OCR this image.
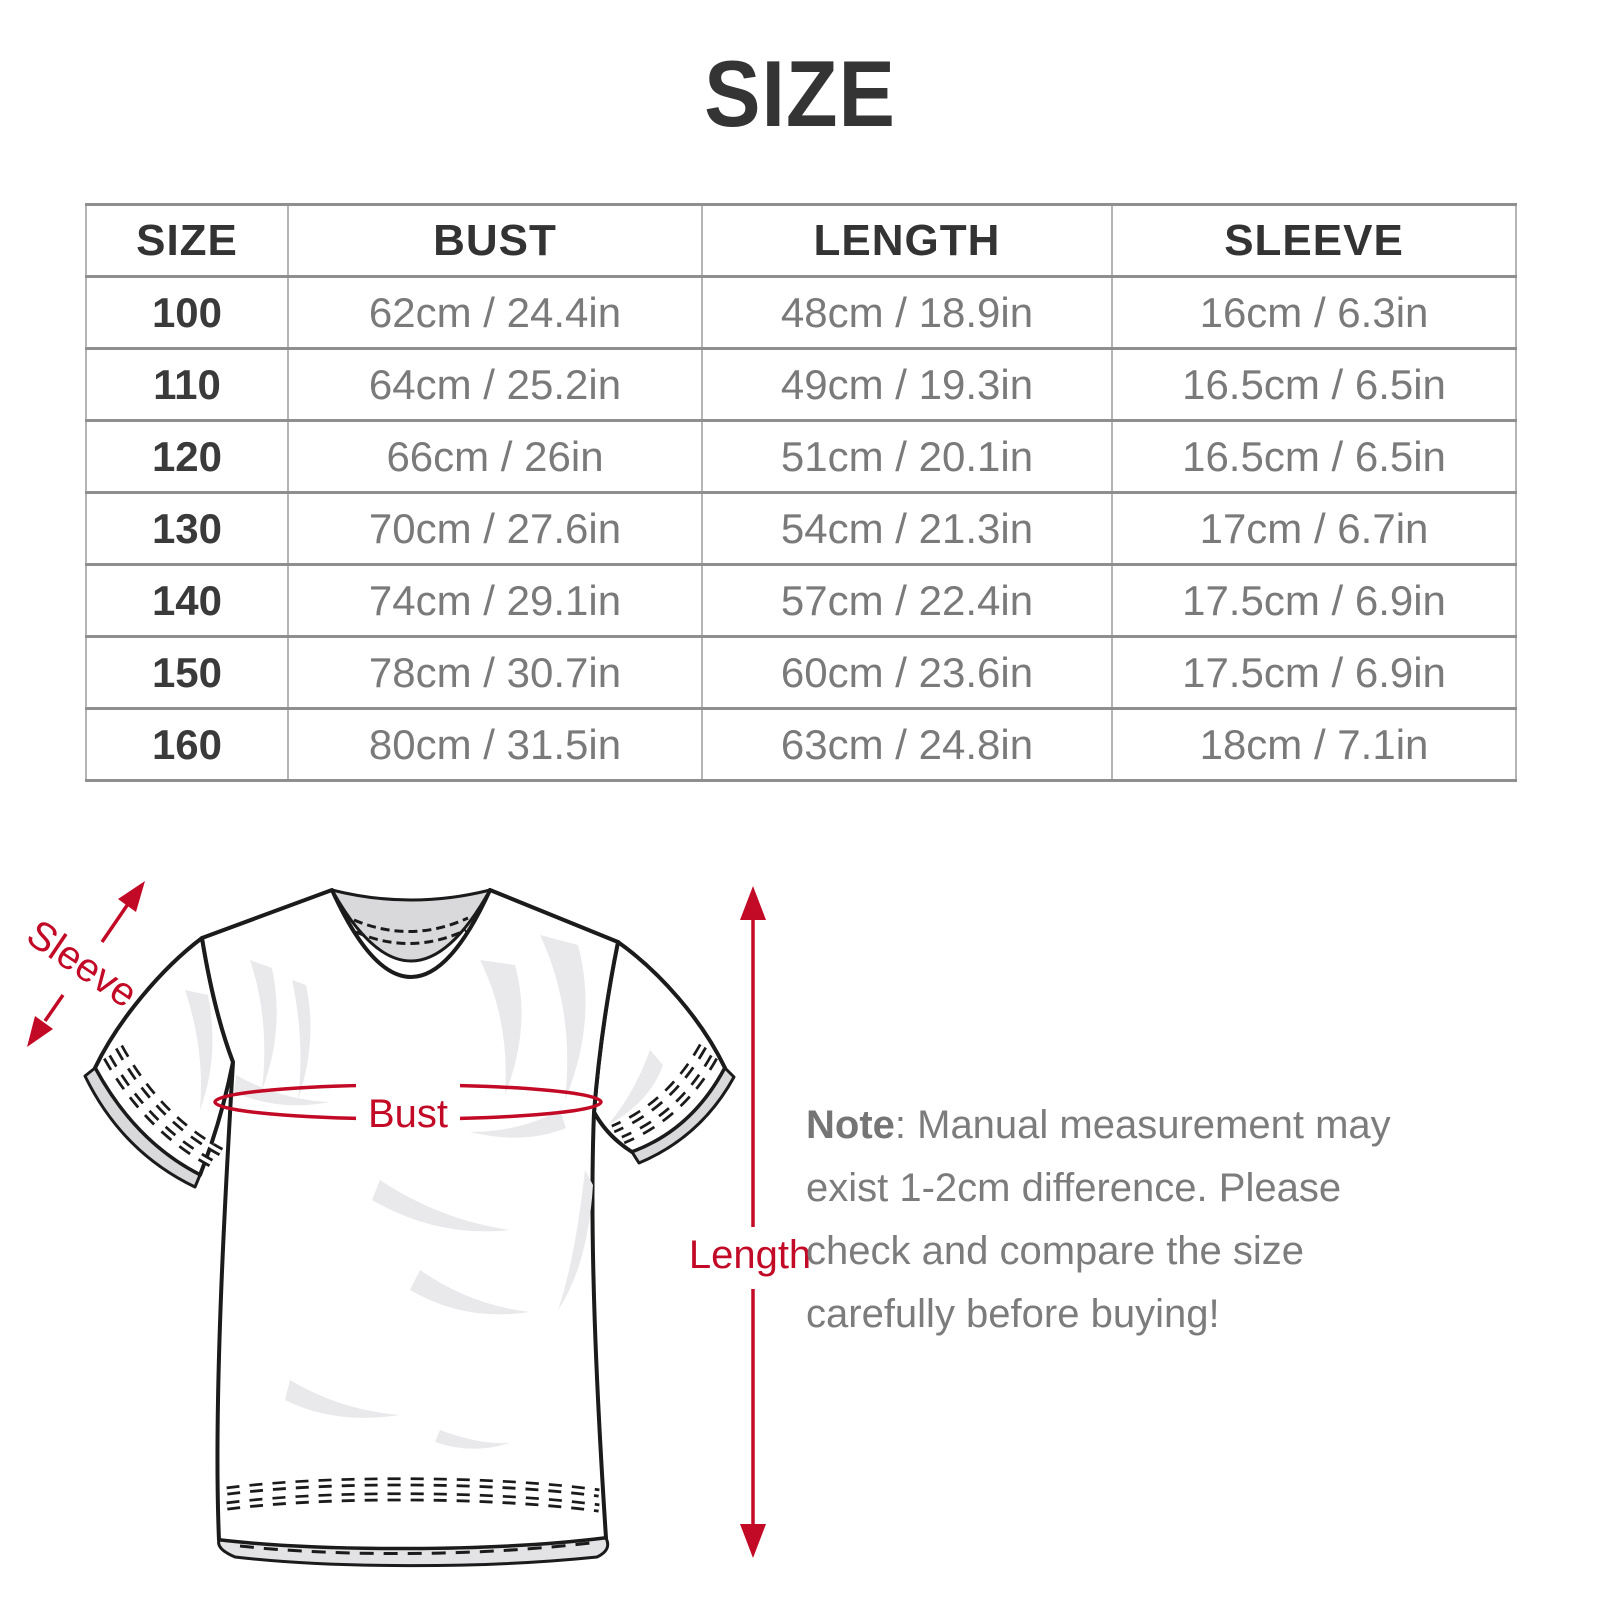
SIZE
SIZE	BUST	LENGTH	SLEEVE
100	62cm / 24.4in	48cm / 18.9in	16cm / 6.3in
110	64cm / 25.2in	49cm / 19.3in	16.5cm / 6.5in
120	66cm / 26in	51cm / 20.1in	16.5cm / 6.5in
130	70cm / 27.6in	54cm / 21.3in	17cm / 6.7in
140	74cm / 29.1in	57cm / 22.4in	17.5cm / 6.9in
150	78cm / 30.7in	60cm / 23.6in	17.5cm / 6.9in
160	80cm / 31.5in	63cm / 24.8in	18cm / 7.1in
Sleeve
Bust
Length
Note: Manual measurement may
exist 1-2cm difference. Please
check and compare the size
carefully before buying!
